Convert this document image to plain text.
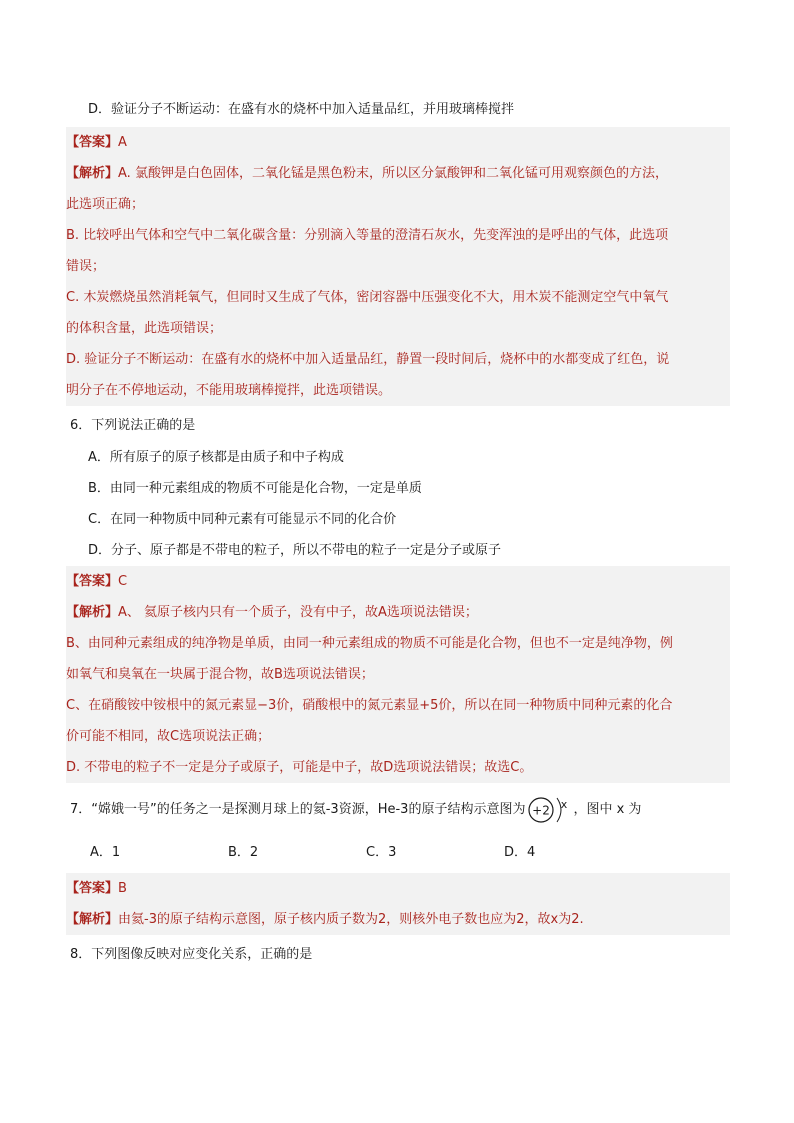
D．验证分子不断运动：在盛有水的烧杯中加入适量品红，并用玻璃棒搅拌
【答案】A
【解析】A. 氯酸钾是白色固体，二氧化锰是黑色粉末，所以区分氯酸钾和二氧化锰可用观察颜色的方法，
此选项正确；
B. 比较呼出气体和空气中二氧化碳含量：分别滴入等量的澄清石灰水，先变浑浊的是呼出的气体，此选项
错误；
C. 木炭燃烧虽然消耗氧气，但同时又生成了气体，密闭容器中压强变化不大，用木炭不能测定空气中氧气
的体积含量，此选项错误；
D. 验证分子不断运动：在盛有水的烧杯中加入适量品红，静置一段时间后，烧杯中的水都变成了红色，说
明分子在不停地运动，不能用玻璃棒搅拌，此选项错误。
6．下列说法正确的是
A．所有原子的原子核都是由质子和中子构成
B．由同一种元素组成的物质不可能是化合物，一定是单质
C．在同一种物质中同种元素有可能显示不同的化合价
D．分子、原子都是不带电的粒子，所以不带电的粒子一定是分子或原子
【答案】C
【解析】A、 氦原子核内只有一个质子，没有中子，故A选项说法错误；
B、由同种元素组成的纯净物是单质，由同一种元素组成的物质不可能是化合物，但也不一定是纯净物，例
如氧气和臭氧在一块属于混合物，故B选项说法错误；
C、在硝酸铵中铵根中的氮元素显−3价，硝酸根中的氮元素显+5价，所以在同一种物质中同种元素的化合
价可能不相同，故C选项说法正确；
D. 不带电的粒子不一定是分子或原子，可能是中子，故D选项说法错误；故选C。
7．“嫦娥一号”的任务之一是探测月球上的氦-3资源，He-3的原子结构示意图为 +2 x ，图中 x 为
A．1	B．2	C．3	D．4
【答案】B
【解析】由氦-3的原子结构示意图，原子核内质子数为2，则核外电子数也应为2，故x为2.
8．下列图像反映对应变化关系，正确的是
